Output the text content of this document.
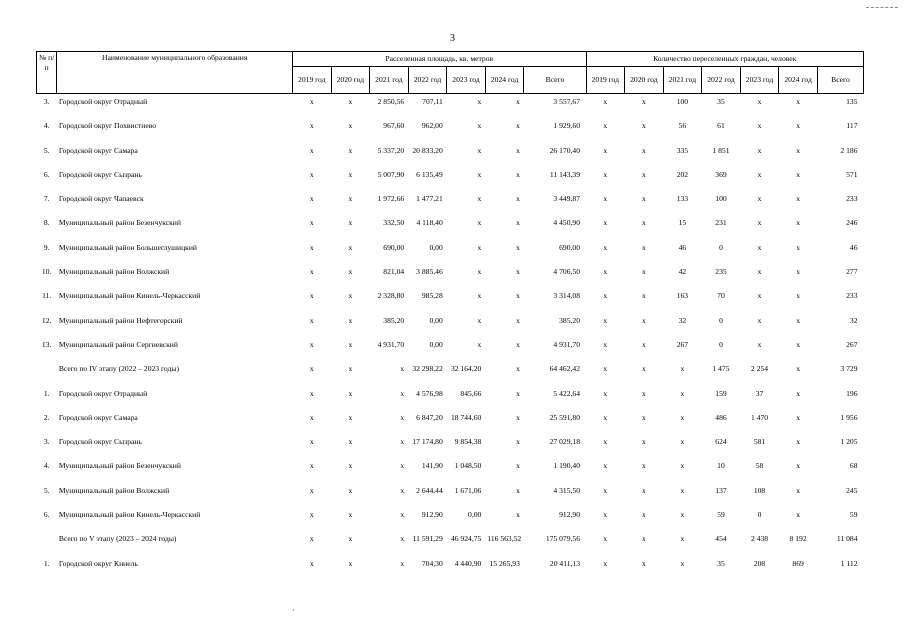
3
№ п/п	Наименование муниципального образования	Расселенная площадь, кв. метров							Количество переселенных граждан, человек						
		2019 год	2020 год	2021 год	2022 год	2023 год	2024 год	Всего	2019 год	2020 год	2021 год	2022 год	2023 год	2024 год	Всего
3.	Городской округ Отрадный	x	x	2 850,56	707,11	x	x	3 557,67	x	x	100	35	x	x	135
4.	Городской округ Похвистнево	x	x	967,60	962,00	x	x	1 929,60	x	x	56	61	x	x	117
5.	Городской округ Самара	x	x	5 337,20	20 833,20	x	x	26 170,40	x	x	335	1 851	x	x	2 186
6.	Городской округ Сызрань	x	x	5 007,90	6 135,49	x	x	11 143,39	x	x	202	369	x	x	571
7.	Городской округ Чапаевск	x	x	1 972,66	1 477,21	x	x	3 449,87	x	x	133	100	x	x	233
8.	Муниципальный район Безенчукский	x	x	332,50	4 118,40	x	x	4 450,90	x	x	15	231	x	x	246
9.	Муниципальный район Большеглушицкий	x	x	690,00	0,00	x	x	690,00	x	x	46	0	x	x	46
10.	Муниципальный район Волжский	x	x	821,04	3 885,46	x	x	4 706,50	x	x	42	235	x	x	277
11.	Муниципальный район Кинель-Черкасский	x	x	2 328,80	985,28	x	x	3 314,08	x	x	163	70	x	x	233
12.	Муниципальный район Нефтегорский	x	x	385,20	0,00	x	x	385,20	x	x	32	0	x	x	32
13.	Муниципальный район Сергиевский	x	x	4 931,70	0,00	x	x	4 931,70	x	x	267	0	x	x	267
	Всего по IV этапу (2022 – 2023 годы)	x	x	x	32 298,22	32 164,20	x	64 462,42	x	x	x	1 475	2 254	x	3 729
1.	Городской округ Отрадный	x	x	x	4 576,98	845,66	x	5 422,64	x	x	x	159	37	x	196
2.	Городской округ Самара	x	x	x	6 847,20	18 744,60	x	25 591,80	x	x	x	486	1 470	x	1 956
3.	Городской округ Сызрань	x	x	x	17 174,80	9 854,38	x	27 029,18	x	x	x	624	581	x	1 205
4.	Муниципальный район Безенчукский	x	x	x	141,90	1 048,50	x	1 190,40	x	x	x	10	58	x	68
5.	Муниципальный район Волжский	x	x	x	2 644,44	1 671,06	x	4 315,50	x	x	x	137	108	x	245
6.	Муниципальный район Кинель-Черкасский	x	x	x	912,90	0,00	x	912,90	x	x	x	59	0	x	59
	Всего по V этапу (2023 – 2024 годы)	x	x	x	11 591,29	46 924,75	116 563,52	175 079,56	x	x	x	454	2 438	8 192	11 084
1.	Городской округ Кинель	x	x	x	704,30	4 440,90	15 265,93	20 411,13	x	x	x	35	208	869	1 112
·
